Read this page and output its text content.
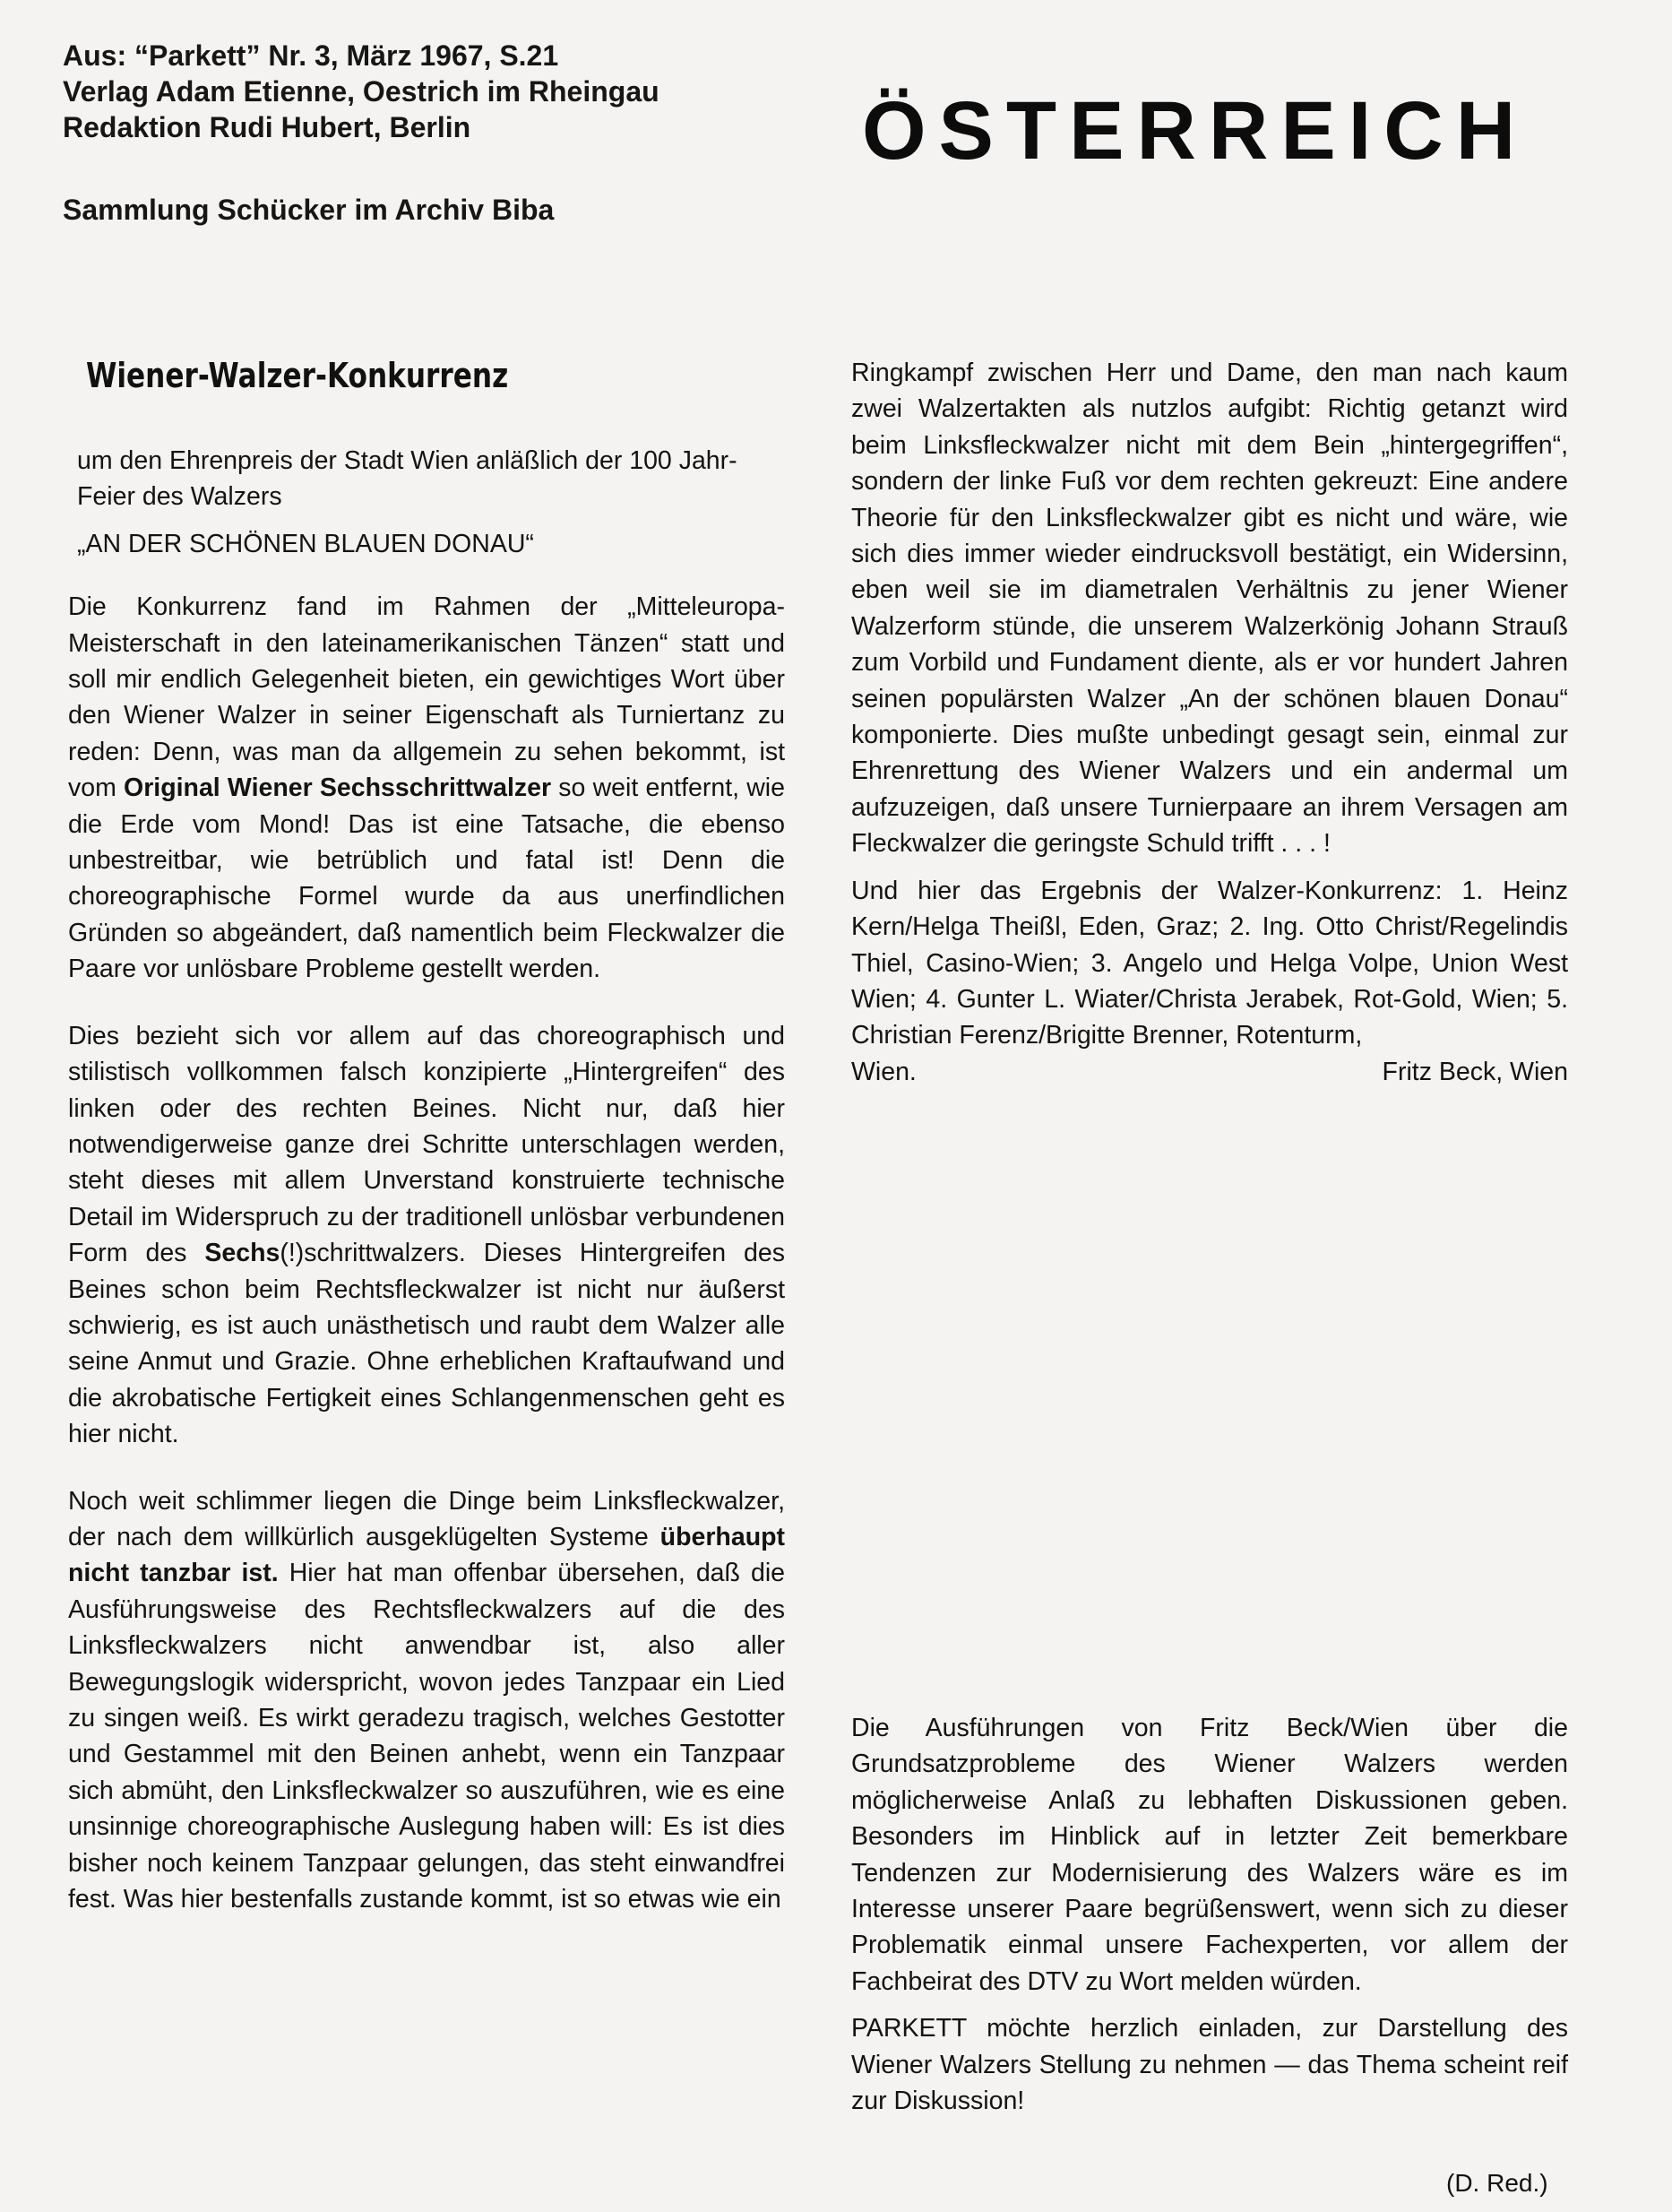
Aus: “Parkett” Nr. 3, März 1967, S.21
Verlag Adam Etienne, Oestrich im Rheingau
Redaktion Rudi Hubert, Berlin
Sammlung Schücker im Archiv Biba
ÖSTERREICH
Wiener-Walzer-Konkurrenz

um den Ehrenpreis der Stadt Wien anläßlich der 100 Jahr-Feier des Walzers

„AN DER SCHÖNEN BLAUEN DONAU“

Die Konkurrenz fand im Rahmen der „Mitteleuropa-Meisterschaft in den lateinamerikanischen Tänzen“ statt und soll mir endlich Gelegenheit bieten, ein gewichtiges Wort über den Wiener Walzer in seiner Eigenschaft als Turniertanz zu reden: Denn, was man da allgemein zu sehen bekommt, ist vom Original Wiener Sechsschrittwalzer so weit entfernt, wie die Erde vom Mond! Das ist eine Tatsache, die ebenso unbestreitbar, wie betrüblich und fatal ist! Denn die choreographische Formel wurde da aus unerfindlichen Gründen so abgeändert, daß namentlich beim Fleckwalzer die Paare vor unlösbare Probleme gestellt werden.

Dies bezieht sich vor allem auf das choreographisch und stilistisch vollkommen falsch konzipierte „Hintergreifen“ des linken oder des rechten Beines. Nicht nur, daß hier notwendigerweise ganze drei Schritte unterschlagen werden, steht dieses mit allem Unverstand konstruierte technische Detail im Widerspruch zu der traditionell unlösbar verbundenen Form des Sechs(!)schrittwalzers. Dieses Hintergreifen des Beines schon beim Rechtsfleckwalzer ist nicht nur äußerst schwierig, es ist auch unästhetisch und raubt dem Walzer alle seine Anmut und Grazie. Ohne erheblichen Kraftaufwand und die akrobatische Fertigkeit eines Schlangenmenschen geht es hier nicht.

Noch weit schlimmer liegen die Dinge beim Linksfleckwalzer, der nach dem willkürlich ausgeklügelten Systeme überhaupt nicht tanzbar ist. Hier hat man offenbar übersehen, daß die Ausführungsweise des Rechtsfleckwalzers auf die des Linksfleckwalzers nicht anwendbar ist, also aller Bewegungslogik widerspricht, wovon jedes Tanzpaar ein Lied zu singen weiß. Es wirkt geradezu tragisch, welches Gestotter und Gestammel mit den Beinen anhebt, wenn ein Tanzpaar sich abmüht, den Linksfleckwalzer so auszuführen, wie es eine unsinnige choreographische Auslegung haben will: Es ist dies bisher noch keinem Tanzpaar gelungen, das steht einwandfrei fest. Was hier bestenfalls zustande kommt, ist so etwas wie ein

Ringkampf zwischen Herr und Dame, den man nach kaum zwei Walzertakten als nutzlos aufgibt: Richtig getanzt wird beim Linksfleckwalzer nicht mit dem Bein „hintergegriffen“, sondern der linke Fuß vor dem rechten gekreuzt: Eine andere Theorie für den Linksfleckwalzer gibt es nicht und wäre, wie sich dies immer wieder eindrucksvoll bestätigt, ein Widersinn, eben weil sie im diametralen Verhältnis zu jener Wiener Walzerform stünde, die unserem Walzerkönig Johann Strauß zum Vorbild und Fundament diente, als er vor hundert Jahren seinen populärsten Walzer „An der schönen blauen Donau“ komponierte. Dies mußte unbedingt gesagt sein, einmal zur Ehrenrettung des Wiener Walzers und ein andermal um aufzuzeigen, daß unsere Turnierpaare an ihrem Versagen am Fleckwalzer die geringste Schuld trifft . . . !

Und hier das Ergebnis der Walzer-Konkurrenz: 1. Heinz Kern/Helga Theißl, Eden, Graz; 2. Ing. Otto Christ/Regelindis Thiel, Casino-Wien; 3. Angelo und Helga Volpe, Union West Wien; 4. Gunter L. Wiater/Christa Jerabek, Rot-Gold, Wien; 5. Christian Ferenz/Brigitte Brenner, Rotenturm,

Wien.	Fritz Beck, Wien

Die Ausführungen von Fritz Beck/Wien über die Grundsatzprobleme des Wiener Walzers werden möglicherweise Anlaß zu lebhaften Diskussionen geben. Besonders im Hinblick auf in letzter Zeit bemerkbare Tendenzen zur Modernisierung des Walzers wäre es im Interesse unserer Paare begrüßenswert, wenn sich zu dieser Problematik einmal unsere Fachexperten, vor allem der Fachbeirat des DTV zu Wort melden würden.

PARKETT möchte herzlich einladen, zur Darstellung des Wiener Walzers Stellung zu nehmen — das Thema scheint reif zur Diskussion!

(D. Red.)
